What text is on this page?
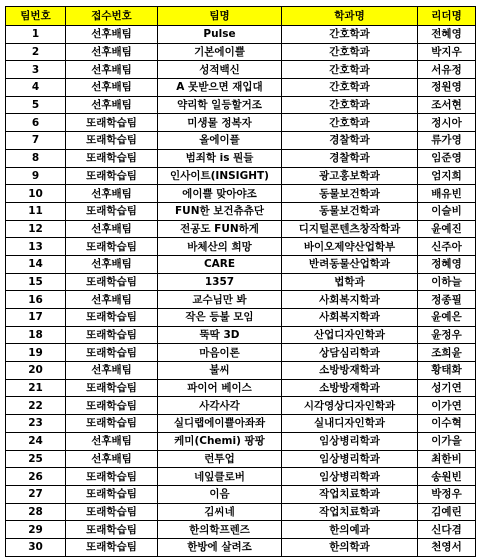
팀번호	접수번호	팀명	학과명	리더명
1	선후배팀	Pulse	간호학과	전혜영
2	선후배팀	기본에이쁠	간호학과	박지우
3	선후배팀	성적백신	간호학과	서유정
4	선후배팀	A 못받으면 재입대	간호학과	정원영
5	선후배팀	약리학 일등할거조	간호학과	조서현
6	또래학습팀	미생물 정복자	간호학과	정시아
7	또래학습팀	올에이플	경찰학과	류가영
8	또래학습팀	범죄학 is 뭔들	경찰학과	임준영
9	또래학습팀	인사이트(INSIGHT)	광고홍보학과	엄지희
10	선후배팀	에이쁠 맞아야조	동물보건학과	배유빈
11	또래학습팀	FUN한 보건츄츄단	동물보건학과	이슬비
12	선후배팀	전공도 FUN하게	디지털콘텐츠창작학과	윤예진
13	또래학습팀	바체산의 희망	바이오제약산업학부	신주아
14	선후배팀	CARE	반려동물산업학과	정혜영
15	또래학습팀	1357	법학과	이하늘
16	선후배팀	교수님만 봐	사회복지학과	정종필
17	또래학습팀	작은 등불 모임	사회복지학과	윤예은
18	또래학습팀	뚝딱 3D	산업디자인학과	윤정우
19	또래학습팀	마음이론	상담심리학과	조희윤
20	선후배팀	불씨	소방방재학과	황태화
21	또래학습팀	파이어 베이스	소방방재학과	성기연
22	또래학습팀	사각사각	시각영상디자인학과	이가연
23	또래학습팀	실디랩에이쁠아좌좌	실내디자인학과	이수혁
24	선후배팀	케미(Chemi) 팡팡	임상병리학과	이가을
25	선후배팀	런투업	임상병리학과	최한비
26	또래학습팀	네잎클로버	임상병리학과	송원빈
27	또래학습팀	이음	작업치료학과	박정우
28	또래학습팀	김씨네	작업치료학과	김예린
29	또래학습팀	한의학프렌즈	한의예과	신다겸
30	또래학습팀	한방에 살려조	한의학과	천영서
